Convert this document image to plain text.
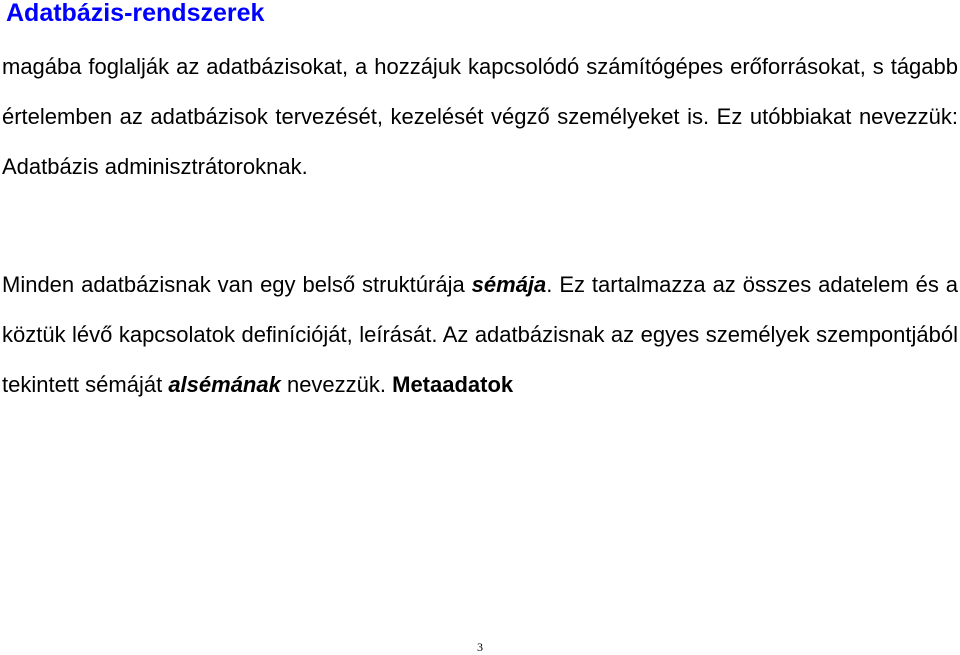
Adatbázis-rendszerek

magába foglalják az adatbázisokat, a hozzájuk kapcsolódó számítógépes erőforrásokat, s tágabb értelemben az adatbázisok tervezését, kezelését végző személyeket is. Ez utóbbiakat nevezzük: Adatbázis adminisztrátoroknak.

Minden adatbázisnak van egy belső struktúrája sémája. Ez tartalmazza az összes adatelem és a köztük lévő kapcsolatok definícióját, leírását. Az adatbázisnak az egyes személyek szempontjából tekintett sémáját alsémának nevezzük. Metaadatok

3
